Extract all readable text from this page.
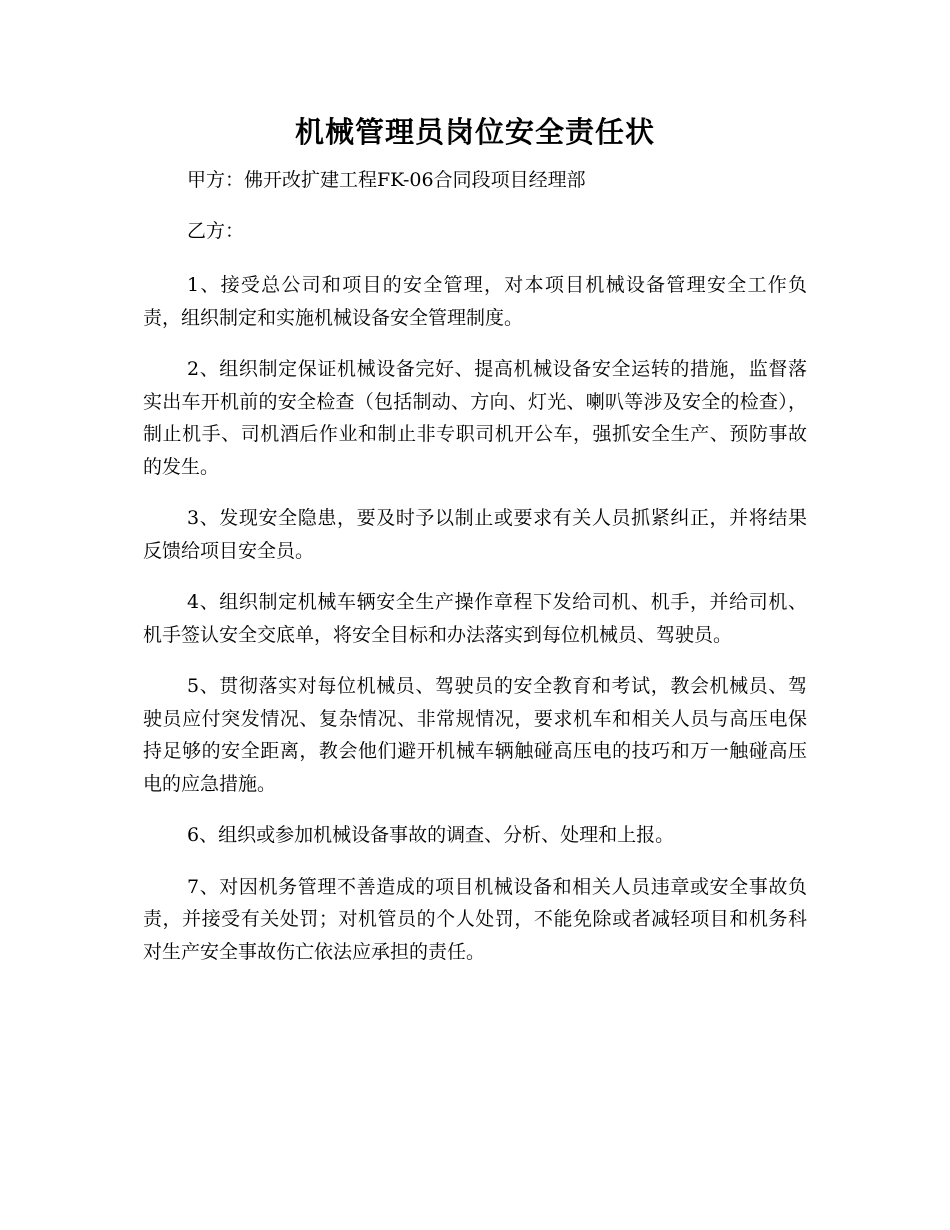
机械管理员岗位安全责任状

甲方：佛开改扩建工程FK-06合同段项目经理部

乙方：

1、接受总公司和项目的安全管理，对本项目机械设备管理安全工作负责，组织制定和实施机械设备安全管理制度。

2、组织制定保证机械设备完好、提高机械设备安全运转的措施，监督落实出车开机前的安全检查（包括制动、方向、灯光、喇叭等涉及安全的检查），制止机手、司机酒后作业和制止非专职司机开公车，强抓安全生产、预防事故的发生。

3、发现安全隐患，要及时予以制止或要求有关人员抓紧纠正，并将结果反馈给项目安全员。

4、组织制定机械车辆安全生产操作章程下发给司机、机手，并给司机、机手签认安全交底单，将安全目标和办法落实到每位机械员、驾驶员。

5、贯彻落实对每位机械员、驾驶员的安全教育和考试，教会机械员、驾驶员应付突发情况、复杂情况、非常规情况，要求机车和相关人员与高压电保持足够的安全距离，教会他们避开机械车辆触碰高压电的技巧和万一触碰高压电的应急措施。

6、组织或参加机械设备事故的调查、分析、处理和上报。

7、对因机务管理不善造成的项目机械设备和相关人员违章或安全事故负责，并接受有关处罚；对机管员的个人处罚，不能免除或者减轻项目和机务科对生产安全事故伤亡依法应承担的责任。
